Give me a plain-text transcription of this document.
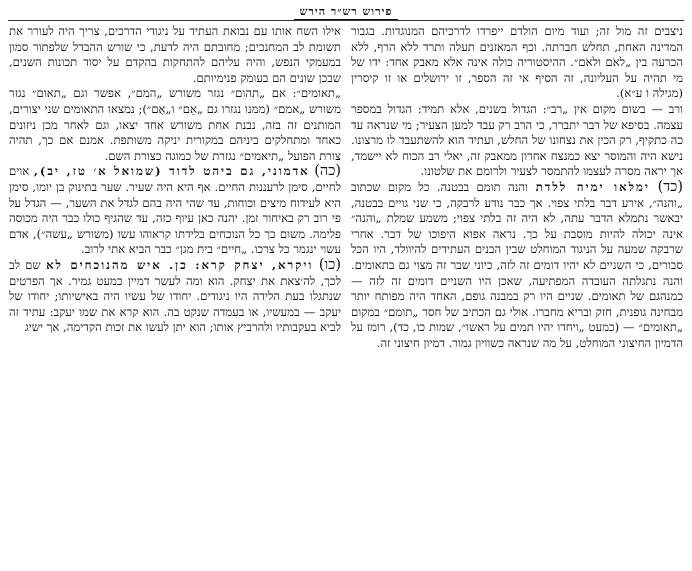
פירוש רש״ר הירש

ניצבים זה מול זה; ועוד מיום הולדם ייפרדו לדרכיהם המנוגדות. בגבור המדינה האחת, תחלש חברתה. וכף המאזנים תעלה ותרד ללא הרף, ללא הכרעה בין „לאֹם ולאֹם״. ההיסטוריה כולה אינה אלא מאבק אחד: ידו של מי תהיה על העליונה, זה הסיף אי זה הספר, זו ירושלים או זו קיסרין (מגילה ו ע״א).

ורב — בשום מקום אין „רב״: הגדול בשנים, אלא תמיד: הגדול במספר עצמה. בסיפא של דבר יתברר, כי הרב רק עבד למען הצעיר; מי שנראה עד כה כתקיף, רק הכין את נצחונו של החלש, ועתיד הוא להשתעבד לו מרצונו. נישא היה והמוסר יצא כמנצח אחרון ממאבק זה, יאלי רב הכוח לא יישמד, אך יראה מסרה לעצמו להתמסר לצעיר ולרומם את שלטונו.

(כד) ימלאו ימיה ללדת והנה תומם בבטנה. כל מקום שכתוב „והנה״, אירע דבר בלתי צפוי. אך כבר נודע לרבקה, כי שני גויים בבטנה, יבאשר נתמלא הדבר עתה, לא היה זה בלתי צפוי; משמע שמלת „והנה״ אינה יכולה להיות מוסבת על כך. נראה אפוא היפוכו של דבר. אחרי שרבקה שמעה על הניגוד המוחלט שבין הבנים העתידים להיוולד, היו הכל סבורים, כי השניים לא יהיו דומים זה לזה, כיוני שבר זה מצוי גם בתאומים. והנה נתגלתה העובדה המפתיעה, שאכן היו השניים דומים זה לזה — כמנהגם של תאומים. שניים היו רק במבנה גופם, האחד היה מפותח יותר מבחינה גופנית, חזק ובריא מחברו. אולי גם הכתיב של חסר „תומם״ במקום „תאומים״ — (כמעט „ויחדו יהיו תמים על ראשו״, שמות כו, כד), רומז על הדמיון החיצוני המוחלט, על מה שנראה כשוויון גמור. דמיון חיצוני זה.

אילו השח אותו עם נבואת העתיד על ניגודי הדרכים, צריך היה לעורר את תשומת לב המחנכים; מחובתם היה לדעת, כי שורש ההבדל שלפתור סמון במעמקי הנפש, והיה עליהם להתחקות בהקדם על יסוד תכונות השנים, שבכן שונים הם בעומק פנימיותם.

„תאומים״: אם „תהום״ נגזר משורש „המם״, אפשר וגם „תאום״ נגזר משורש „אמם״ (ממנו נגזרו גם „אֵם״ ו„אֻם״); נמצאו התאומים שני יצורים, המותנים זה בזה, נבנת אחת משורש אחד יצאו, וגם לאחר מכן ניזונים כאחד ומתחלקים ביניהם במקורית יניקה משותפת. אמנם אם כך, תהיה צורת הפועל „תיאמים״ נגזרת של כמוגה כצורת השם.

(כה) אדמוני, גם ביהט לדוד (שמואל א׳ טז, יב), אוים לחיים, סימן לרעננות החיים. אף היא היה שעיר. שער בתינוק בן יומו, סימן היא לעידוח מיצים וכוחות, עד שהי היה בהם לגדל את השער, — הגדל על פי רוב רק באיחור זמן. יהנה כאן עיוף כזה, עד שהגיף כולו כבר היה מכוסה פלימה. משום כך כל הנוכחים בלידתו קראוהו עשו (משורש „עשה״), אדם עשוי ינגמר כל צרכו. „חיים״ בית מגן״ כבר הביא אתי לרוב.

(כו) ויקרא, יצחק קרא: כן. איש מהנוכחים לא שם לב לכך, לה׳צאת את יצחק. הוא ומה לעשר דמיין כמעט גמיר. אך הפרטים שנתגלו בעת הלידה היו ניגודים. יחודו של עשיו היה באישיותו; יחודו של יעקב — במעשיו, או בעמדה שנקט בה. הוא קרא את שמו יעקב: עתיד זה לביא בעקבותיו ולהרביץ אותו; הוא יתן לעשו את זכות הקדימה, אך ישיג
